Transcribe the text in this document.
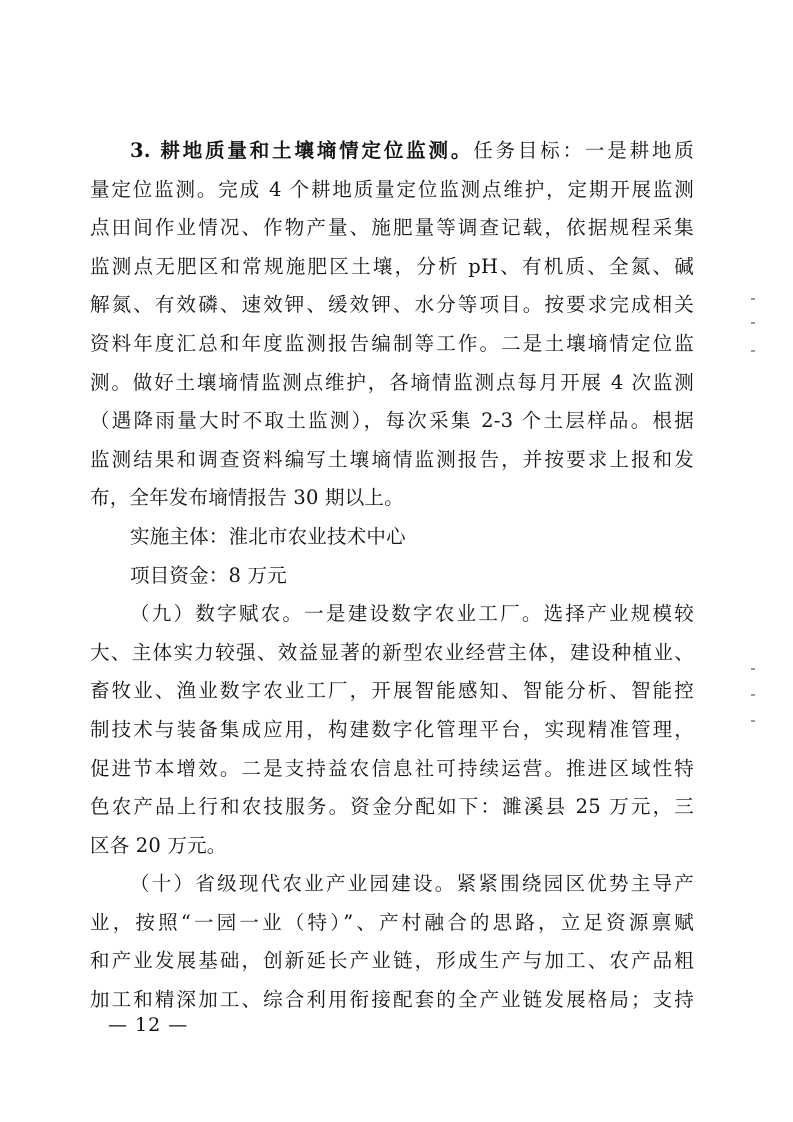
3. 耕地质量和土壤墒情定位监测。任务目标：一是耕地质
量定位监测。完成 4 个耕地质量定位监测点维护，定期开展监测
点田间作业情况、作物产量、施肥量等调查记载，依据规程采集
监测点无肥区和常规施肥区土壤，分析 pH、有机质、全氮、碱
解氮、有效磷、速效钾、缓效钾、水分等项目。按要求完成相关
资料年度汇总和年度监测报告编制等工作。二是土壤墒情定位监
测。做好土壤墒情监测点维护，各墒情监测点每月开展 4 次监测
（遇降雨量大时不取土监测），每次采集 2-3 个土层样品。根据
监测结果和调查资料编写土壤墒情监测报告，并按要求上报和发
布，全年发布墒情报告 30 期以上。
实施主体：淮北市农业技术中心
项目资金：8 万元
（九）数字赋农。一是建设数字农业工厂。选择产业规模较
大、主体实力较强、效益显著的新型农业经营主体，建设种植业、
畜牧业、渔业数字农业工厂，开展智能感知、智能分析、智能控
制技术与装备集成应用，构建数字化管理平台，实现精准管理，
促进节本增效。二是支持益农信息社可持续运营。推进区域性特
色农产品上行和农技服务。资金分配如下：濉溪县 25 万元，三
区各 20 万元。
（十）省级现代农业产业园建设。紧紧围绕园区优势主导产
业，按照“一园一业（特）”、产村融合的思路，立足资源禀赋
和产业发展基础，创新延长产业链，形成生产与加工、农产品粗
加工和精深加工、综合利用衔接配套的全产业链发展格局；支持
— 12 —
